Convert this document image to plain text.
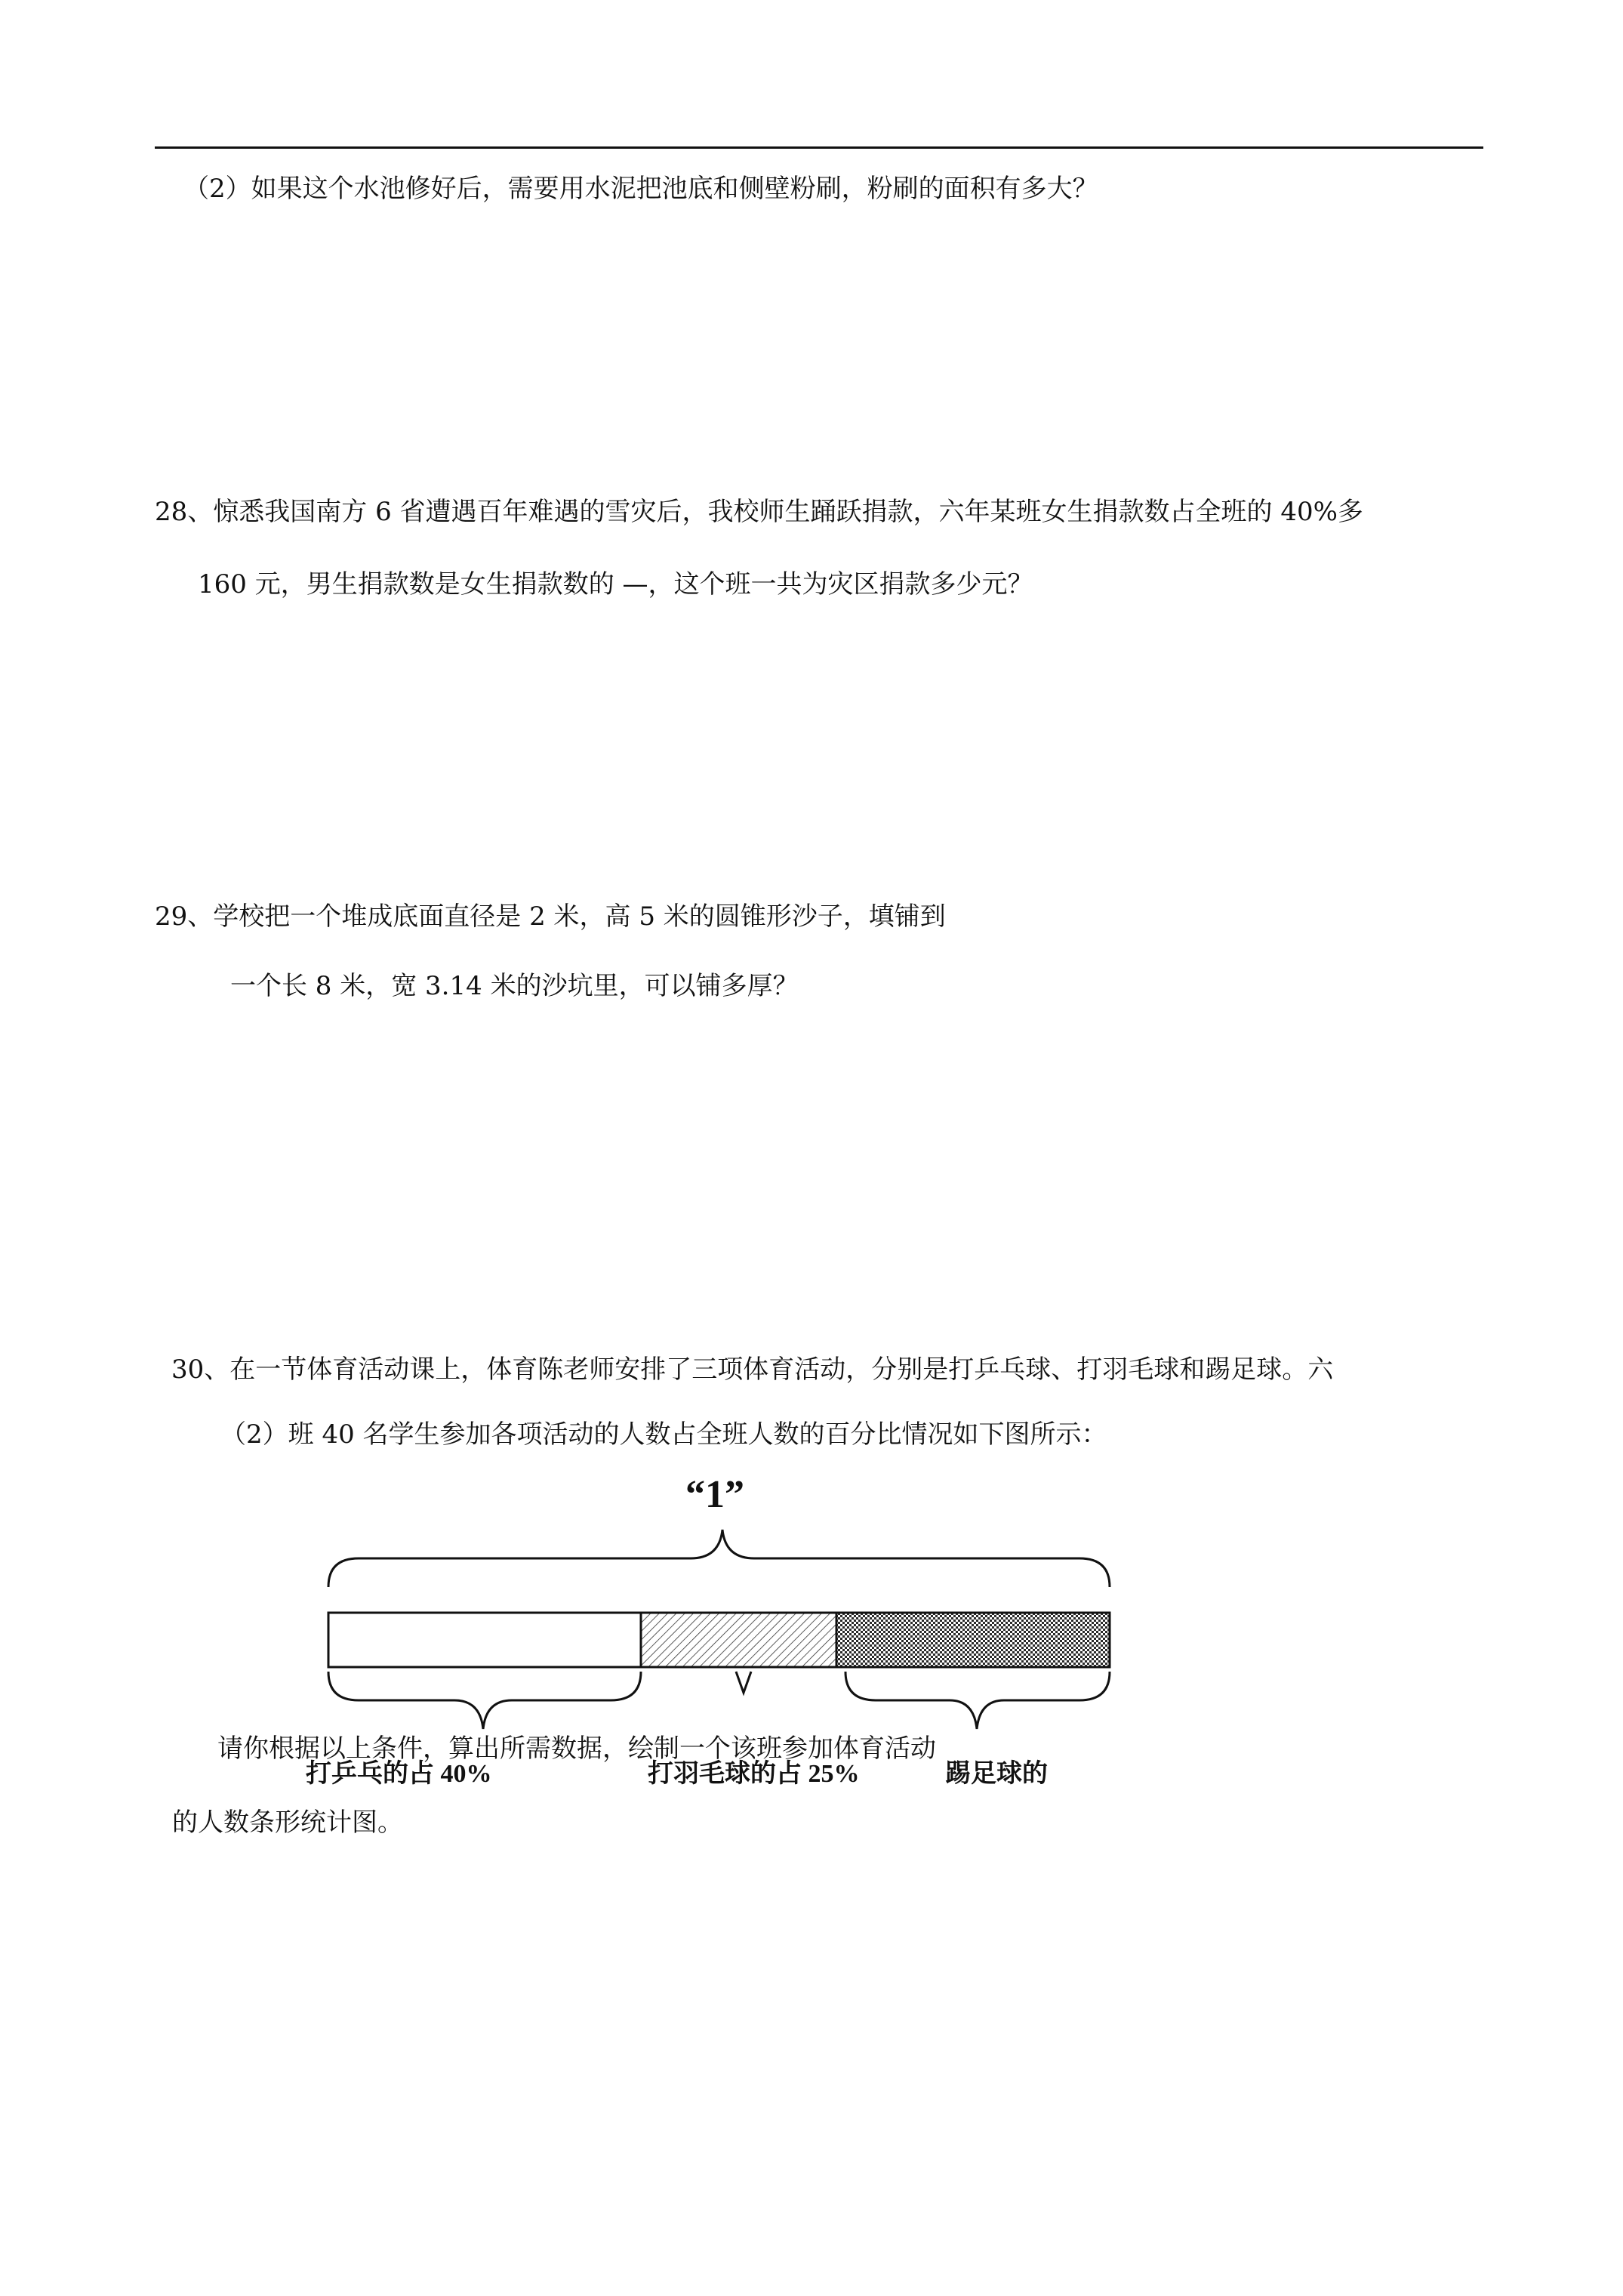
（2）如果这个水池修好后，需要用水泥把池底和侧壁粉刷，粉刷的面积有多大？
28、惊悉我国南方 6 省遭遇百年难遇的雪灾后，我校师生踊跃捐款，六年某班女生捐款数占全班的 40%多
160 元，男生捐款数是女生捐款数的 —，这个班一共为灾区捐款多少元？
29、学校把一个堆成底面直径是 2 米，高 5 米的圆锥形沙子，填铺到
一个长 8 米，宽 3.14 米的沙坑里，可以铺多厚？
30、在一节体育活动课上，体育陈老师安排了三项体育活动，分别是打乒乓球、打羽毛球和踢足球。六
（2）班 40 名学生参加各项活动的人数占全班人数的百分比情况如下图所示：
“1”
请你根据以上条件，算出所需数据，绘制一个该班参加体育活动
打乒乓的占 40%	打羽毛球的占 25%	踢足球的
的人数条形统计图。
